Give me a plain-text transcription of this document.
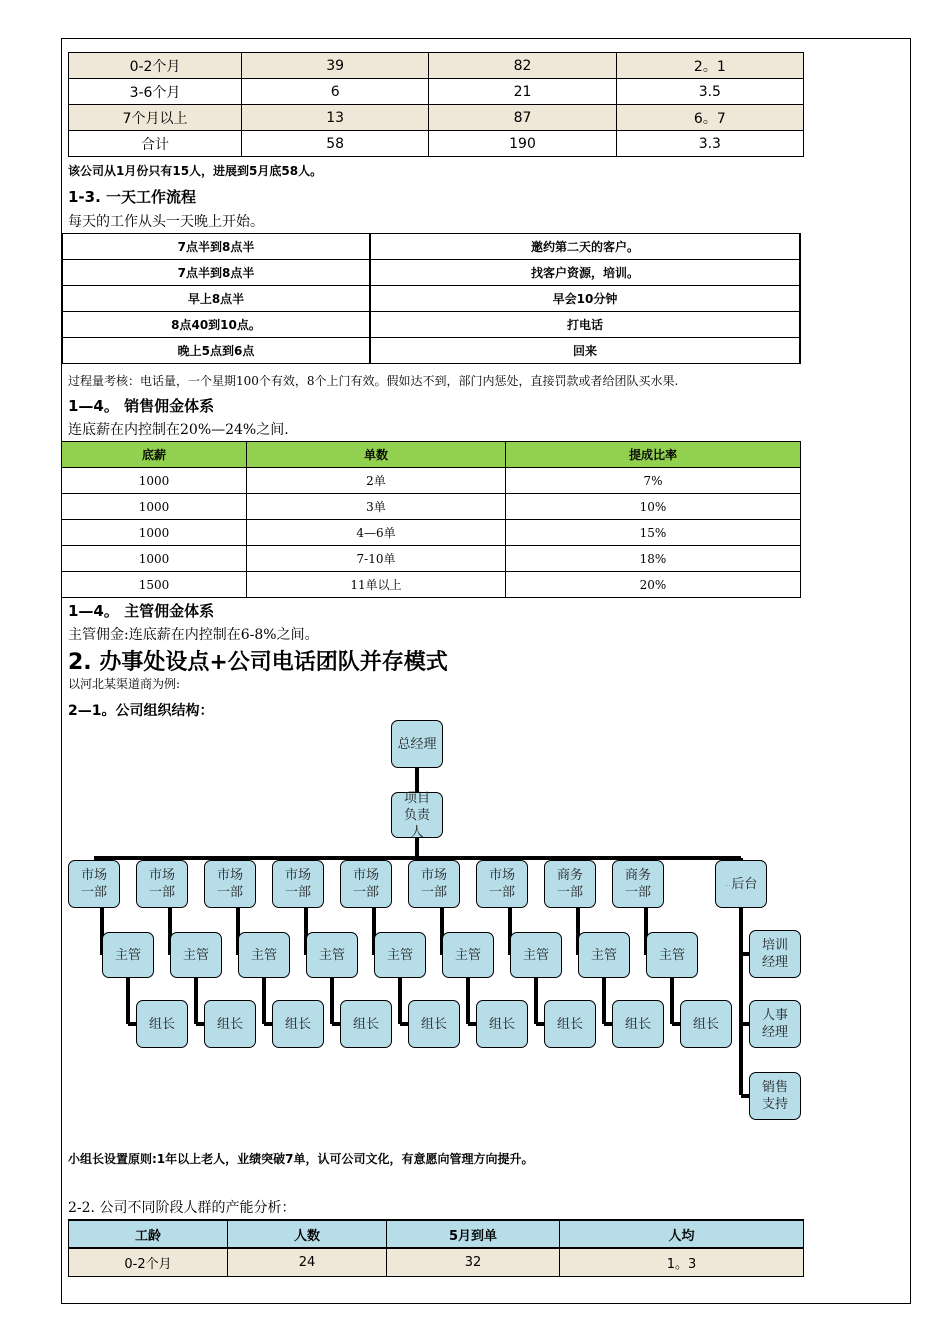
0-2个月	39	82	2。1
3-6个月	6	21	3.5
7个月以上	13	87	6。7
合计	58	190	3.3
该公司从1月份只有15人，进展到5月底58人。
1-3. 一天工作流程
每天的工作从头一天晚上开始。
7点半到8点半	邀约第二天的客户。
7点半到8点半	找客户资源，培训。
早上8点半	早会10分钟
8点40到10点。	打电话
晚上5点到6点	回来
过程量考核：电话量，一个星期100个有效，8个上门有效。假如达不到，部门内惩处，直接罚款或者给团队买水果.
1—4。 销售佣金体系
连底薪在内控制在20%—24%之间.
底薪	单数	提成比率
1000	2单	7%
1000	3单	10%
1000	4—6单	15%
1000	7-10单	18%
1500	11单以上	20%
1—4。 主管佣金体系
主管佣金:连底薪在内控制在6-8%之间。
2. 办事处设点+公司电话团队并存模式
以河北某渠道商为例:
2—1。公司组织结构：
总经理
项目负责人
市场一部
主管
组长
市场一部
主管
组长
市场一部
主管
组长
市场一部
主管
组长
市场一部
主管
组长
市场一部
主管
组长
市场一部
主管
组长
商务一部
主管
组长
商务一部
主管
组长
... 后台
培训经理
人事经理
销售支持
小组长设置原则:1年以上老人，业绩突破7单，认可公司文化，有意愿向管理方向提升。
2-2. 公司不同阶段人群的产能分析：
工龄	人数	5月到单	人均
0-2个月	24	32	1。3
